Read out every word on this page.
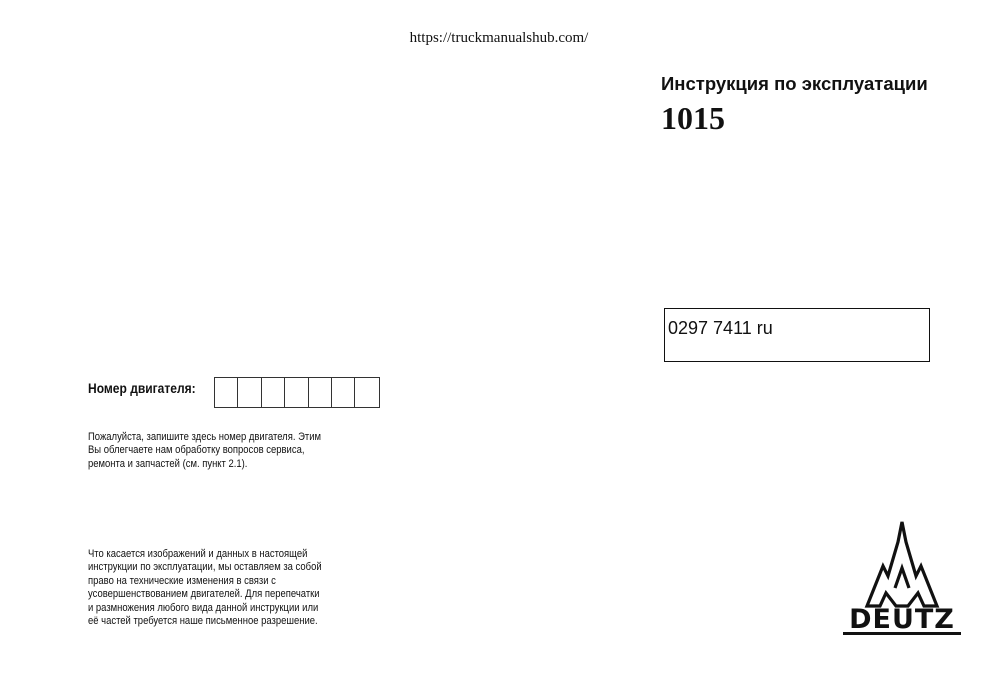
https://truckmanualshub.com/
Инструкция по эксплуатации
1015
0297 7411 ru
Номер двигателя:
Пожалуйста, запишите здесь номер двигателя. Этим
Вы облегчаете нам обработку вопросов сервиса,
ремонта и запчастей (см. пункт 2.1).
Что касается изображений и данных в настоящей
инструкции по эксплуатации, мы оставляем за собой
право на технические изменения в связи с
усовершенствованием двигателей. Для перепечатки
и размножения любого вида данной инструкции или
её частей требуется наше письменное разрешение.	DEUTZ
